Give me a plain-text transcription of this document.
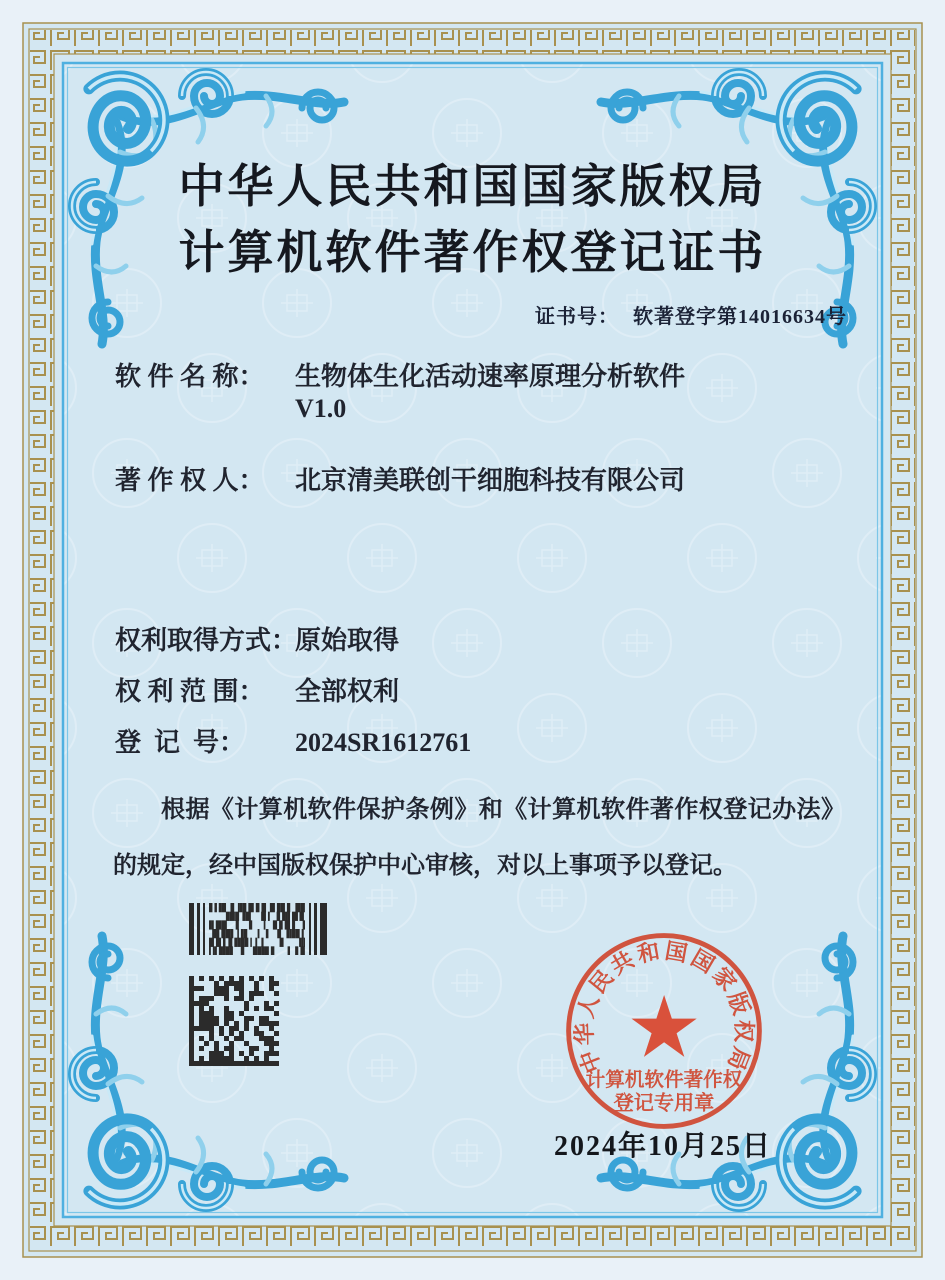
中华人民共和国国家版权局
计算机软件著作权登记证书
证书号： 软著登字第14016634号
软 件 名 称： 生物体生化活动速率原理分析软件
V1.0
著 作 权 人： 北京清美联创干细胞科技有限公司
权利取得方式：原始取得
权 利 范 围： 全部权利
登  记  号： 2024SR1612761

根据《计算机软件保护条例》和《计算机软件著作权登记办法》的规定，经中国版权保护中心审核，对以上事项予以登记。

2024年10月25日
中华人民共和国国家版权局
★
计算机软件著作权
登记专用章
